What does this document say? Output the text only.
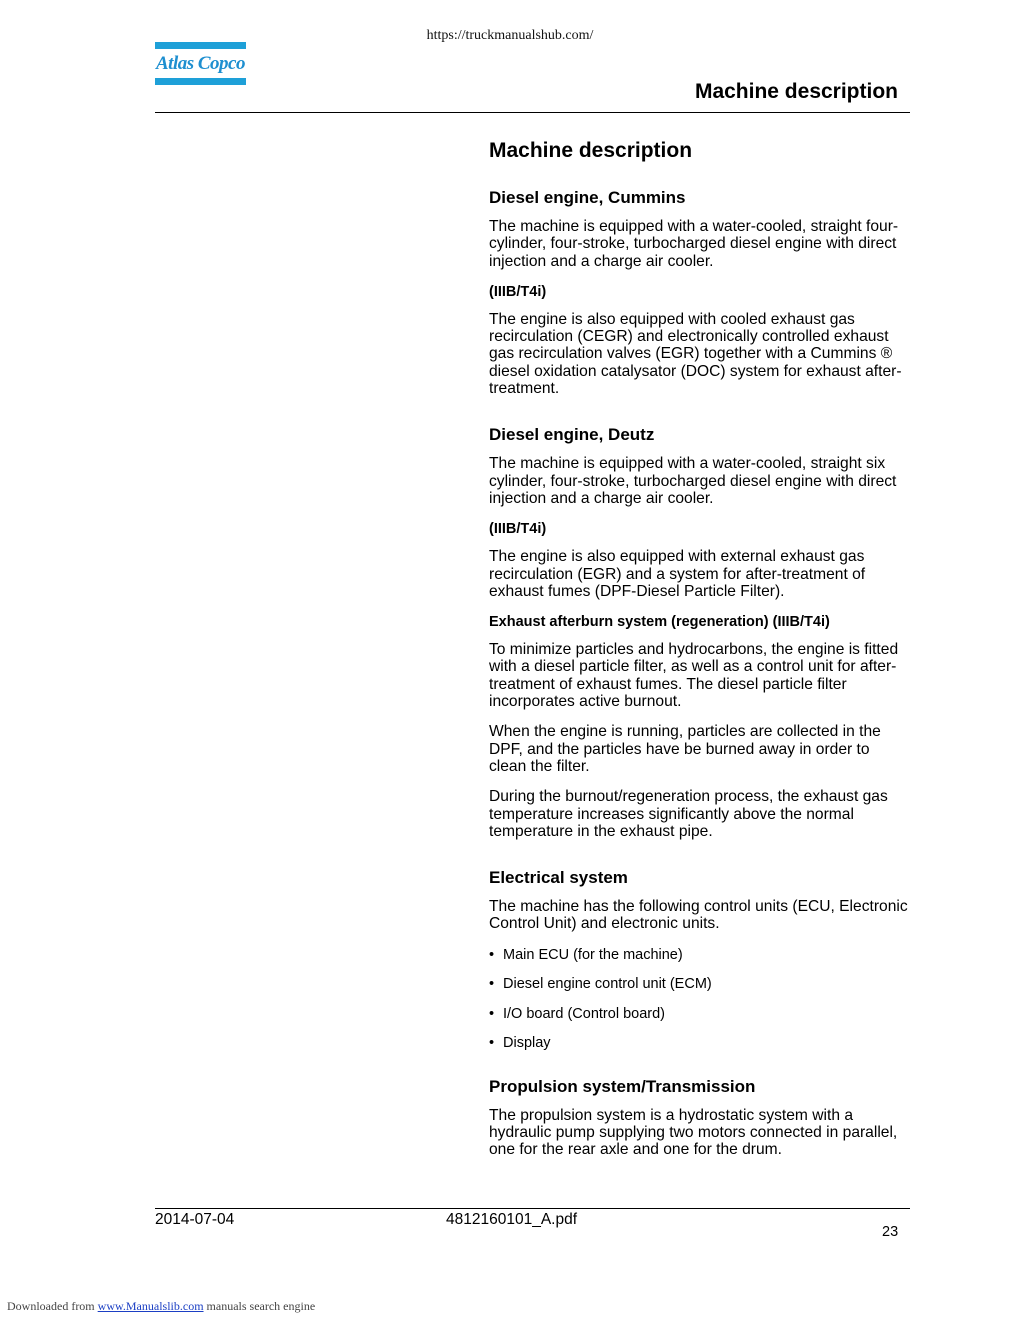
https://truckmanualshub.com/
Atlas Copco
Machine description
Machine description
Diesel engine, Cummins

The machine is equipped with a water-cooled, straight four-cylinder, four-stroke, turbocharged diesel engine with direct injection and a charge air cooler.

(IIIB/T4i)

The engine is also equipped with cooled exhaust gas recirculation (CEGR) and electronically controlled exhaust gas recirculation valves (EGR) together with a Cummins ® diesel oxidation catalysator (DOC) system for exhaust after-treatment.

Diesel engine, Deutz

The machine is equipped with a water-cooled, straight six cylinder, four-stroke, turbocharged diesel engine with direct injection and a charge air cooler.

(IIIB/T4i)

The engine is also equipped with external exhaust gas recirculation (EGR) and a system for after-treatment of exhaust fumes (DPF-Diesel Particle Filter).

Exhaust afterburn system (regeneration) (IIIB/T4i)

To minimize particles and hydrocarbons, the engine is fitted with a diesel particle filter, as well as a control unit for after-treatment of exhaust fumes. The diesel particle filter incorporates active burnout.

When the engine is running, particles are collected in the DPF, and the particles have be burned away in order to clean the filter.

During the burnout/regeneration process, the exhaust gas temperature increases significantly above the normal temperature in the exhaust pipe.

Electrical system

The machine has the following control units (ECU, Electronic Control Unit) and electronic units.

• Main ECU (for the machine)
• Diesel engine control unit (ECM)
• I/O board (Control board)
• Display
Propulsion system/Transmission

The propulsion system is a hydrostatic system with a hydraulic pump supplying two motors connected in parallel, one for the rear axle and one for the drum.

2014-07-04	4812160101_A.pdf
23
Downloaded from www.Manualslib.com manuals search engine
